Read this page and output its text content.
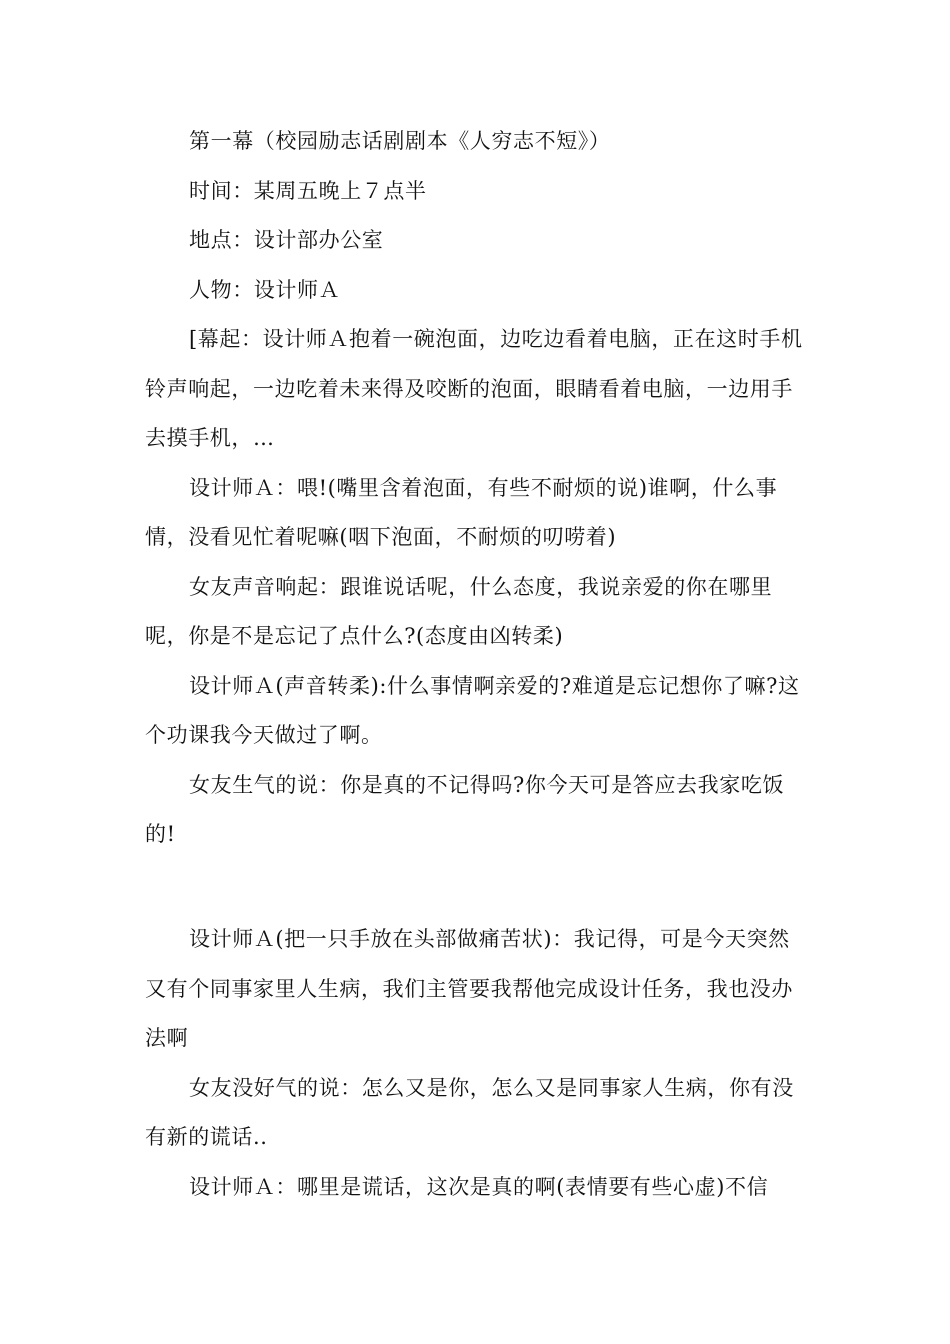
第一幕（校园励志话剧剧本《人穷志不短》）

时间：某周五晚上７点半

地点：设计部办公室

人物：设计师Ａ

[幕起：设计师Ａ抱着一碗泡面，边吃边看着电脑，正在这时手机铃声响起，一边吃着未来得及咬断的泡面，眼睛看着电脑，一边用手去摸手机，…

设计师Ａ：喂!(嘴里含着泡面，有些不耐烦的说)谁啊，什么事情，没看见忙着呢嘛(咽下泡面，不耐烦的叨唠着)

女友声音响起：跟谁说话呢，什么态度，我说亲爱的你在哪里呢，你是不是忘记了点什么?(态度由凶转柔)

设计师Ａ(声音转柔):什么事情啊亲爱的?难道是忘记想你了嘛?这个功课我今天做过了啊。

女友生气的说：你是真的不记得吗?你今天可是答应去我家吃饭的!

设计师Ａ(把一只手放在头部做痛苦状)：我记得，可是今天突然又有个同事家里人生病，我们主管要我帮他完成设计任务，我也没办法啊

女友没好气的说：怎么又是你，怎么又是同事家人生病，你有没有新的谎话..

设计师Ａ：哪里是谎话，这次是真的啊(表情要有些心虚)不信
